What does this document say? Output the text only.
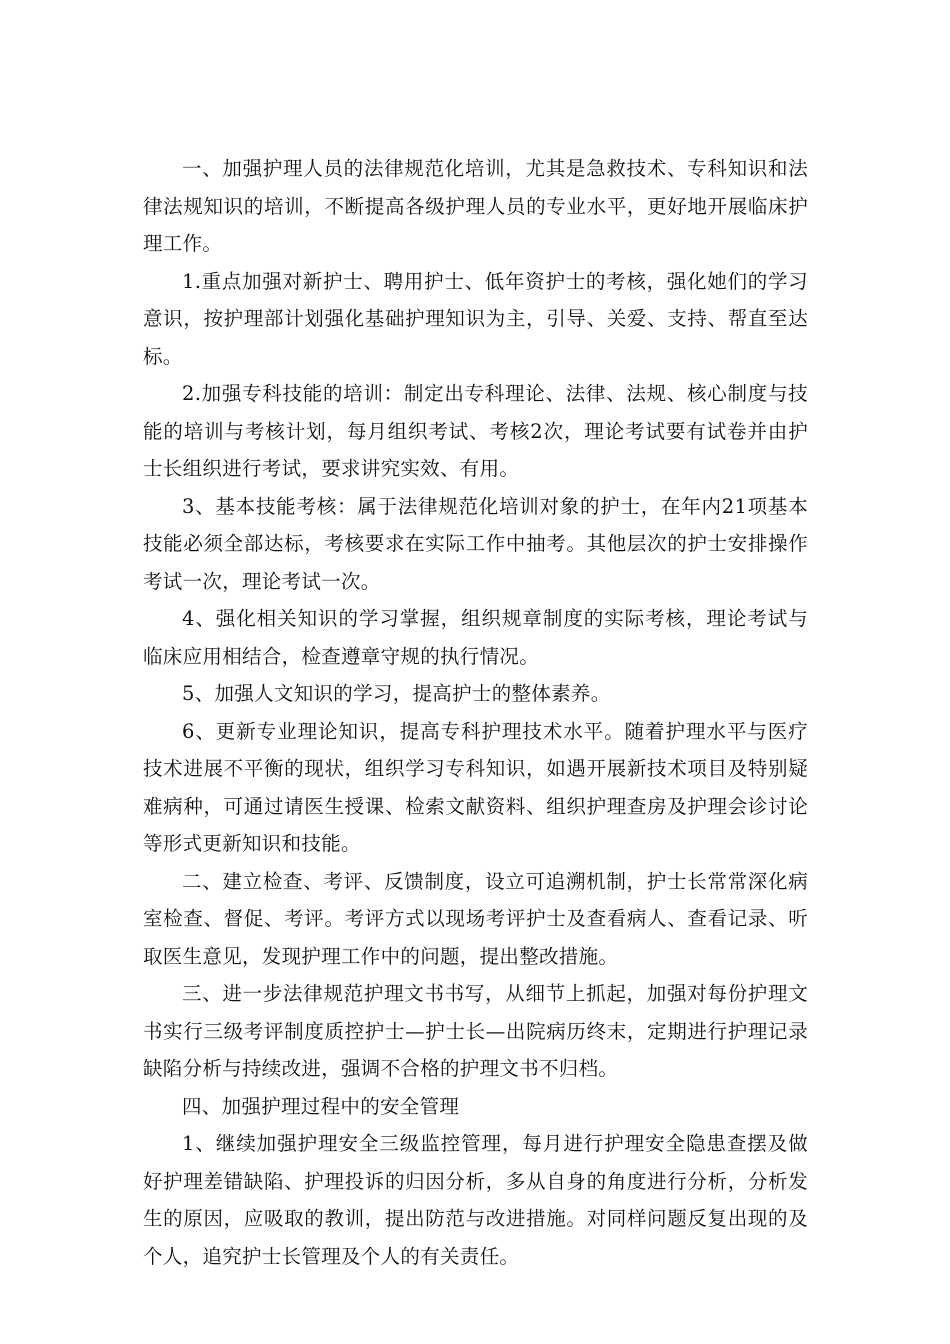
一、加强护理人员的法律规范化培训，尤其是急救技术、专科知识和法律法规知识的培训，不断提高各级护理人员的专业水平，更好地开展临床护理工作。

1.重点加强对新护士、聘用护士、低年资护士的考核，强化她们的学习意识，按护理部计划强化基础护理知识为主，引导、关爱、支持、帮直至达标。

2.加强专科技能的培训：制定出专科理论、法律、法规、核心制度与技能的培训与考核计划，每月组织考试、考核2次，理论考试要有试卷并由护士长组织进行考试，要求讲究实效、有用。

3、基本技能考核：属于法律规范化培训对象的护士，在年内21项基本技能必须全部达标，考核要求在实际工作中抽考。其他层次的护士安排操作考试一次，理论考试一次。

4、强化相关知识的学习掌握，组织规章制度的实际考核，理论考试与临床应用相结合，检查遵章守规的执行情况。

5、加强人文知识的学习，提高护士的整体素养。

6、更新专业理论知识，提高专科护理技术水平。随着护理水平与医疗技术进展不平衡的现状，组织学习专科知识，如遇开展新技术项目及特别疑难病种，可通过请医生授课、检索文献资料、组织护理查房及护理会诊讨论等形式更新知识和技能。

二、建立检查、考评、反馈制度，设立可追溯机制，护士长常常深化病室检查、督促、考评。考评方式以现场考评护士及查看病人、查看记录、听取医生意见，发现护理工作中的问题，提出整改措施。

三、进一步法律规范护理文书书写，从细节上抓起，加强对每份护理文书实行三级考评制度质控护士—护士长—出院病历终末，定期进行护理记录缺陷分析与持续改进，强调不合格的护理文书不归档。

四、加强护理过程中的安全管理

1、继续加强护理安全三级监控管理，每月进行护理安全隐患查摆及做好护理差错缺陷、护理投诉的归因分析，多从自身的角度进行分析，分析发生的原因，应吸取的教训，提出防范与改进措施。对同样问题反复出现的及个人，追究护士长管理及个人的有关责任。
